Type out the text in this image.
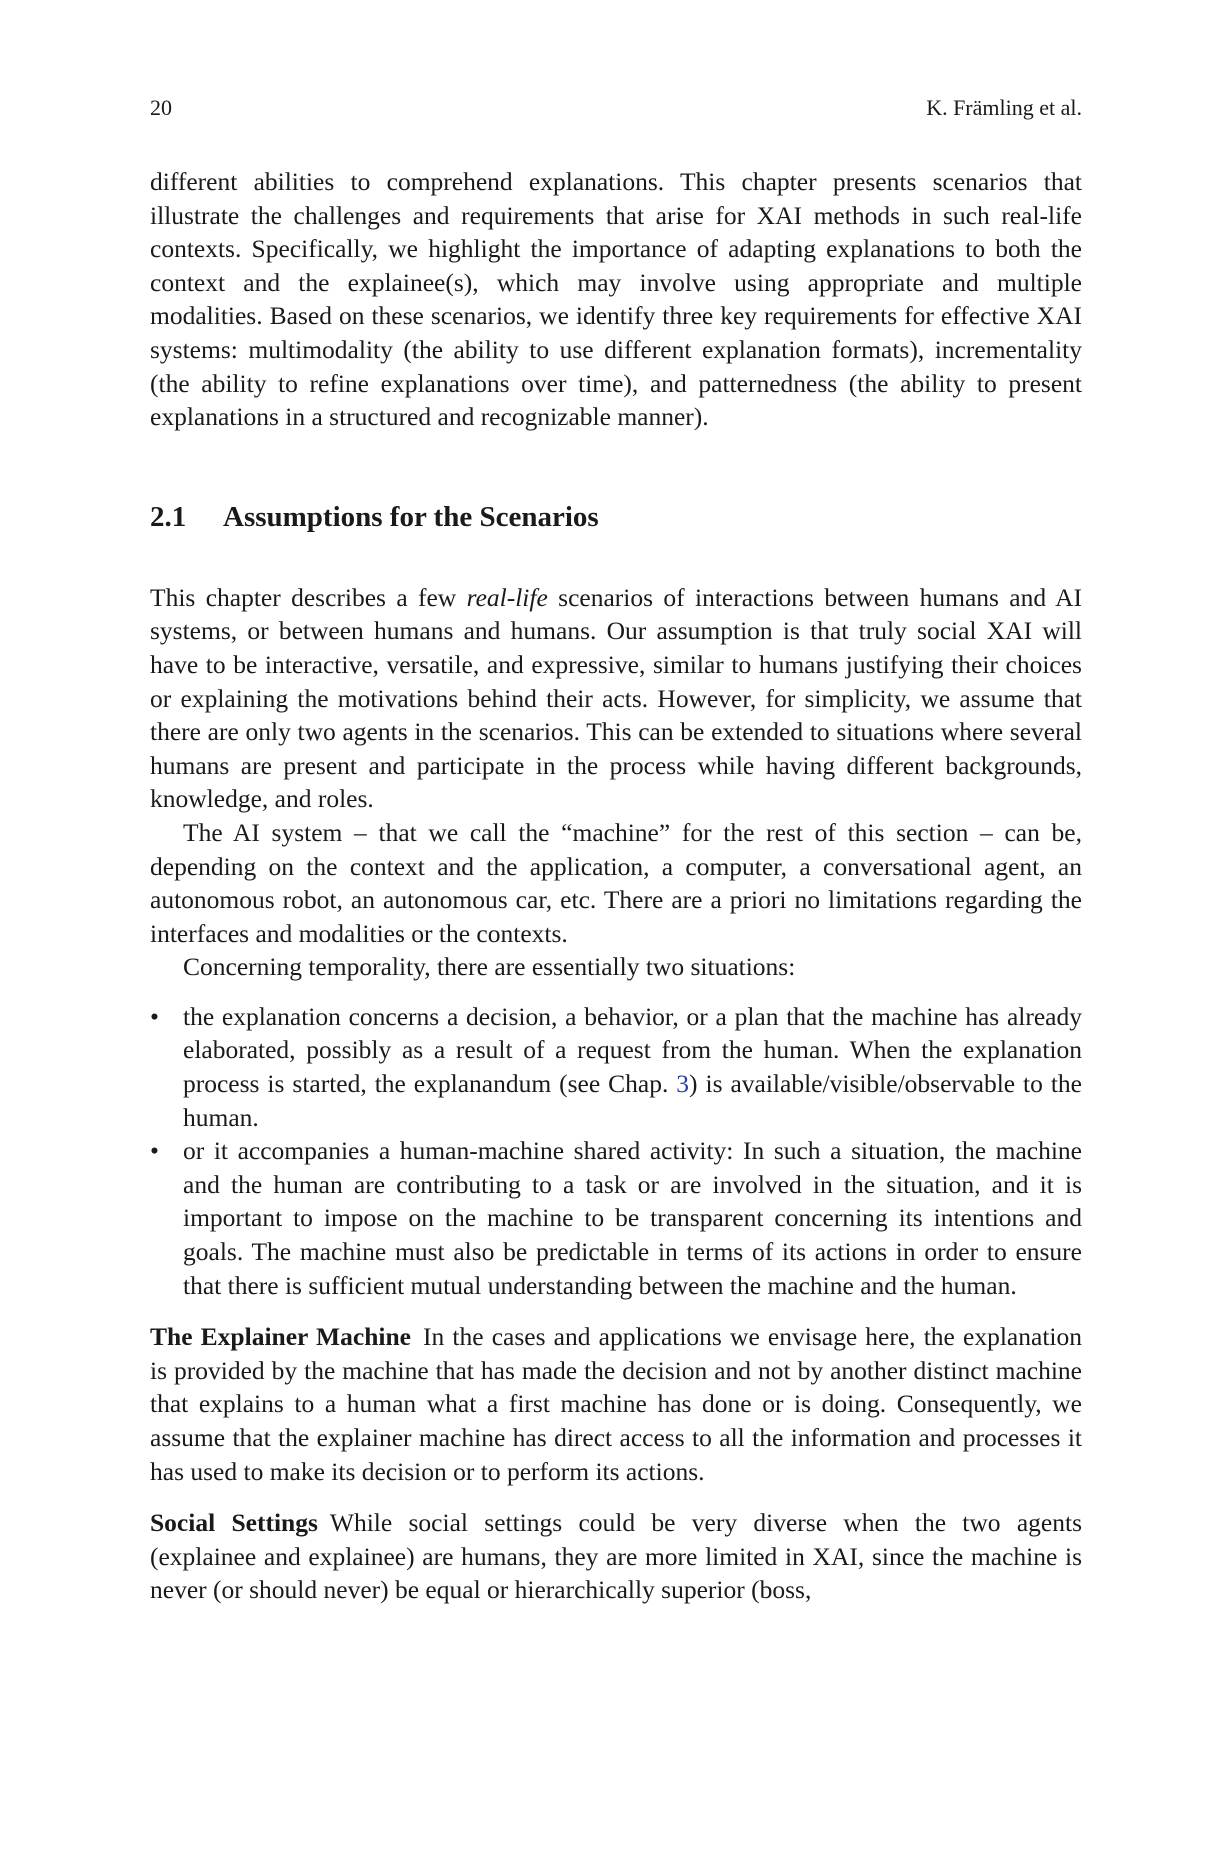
20	K. Främling et al.

different abilities to comprehend explanations. This chapter presents scenarios that illustrate the challenges and requirements that arise for XAI methods in such real-life contexts. Specifically, we highlight the importance of adapting explanations to both the context and the explainee(s), which may involve using appropriate and multiple modalities. Based on these scenarios, we identify three key requirements for effective XAI systems: multimodality (the ability to use different explanation formats), incrementality (the ability to refine explanations over time), and patternedness (the ability to present explanations in a structured and recognizable manner).

2.1	Assumptions for the Scenarios

This chapter describes a few real-life scenarios of interactions between humans and AI systems, or between humans and humans. Our assumption is that truly social XAI will have to be interactive, versatile, and expressive, similar to humans justifying their choices or explaining the motivations behind their acts. However, for simplicity, we assume that there are only two agents in the scenarios. This can be extended to situations where several humans are present and participate in the process while having different backgrounds, knowledge, and roles.

The AI system – that we call the “machine” for the rest of this section – can be, depending on the context and the application, a computer, a conversational agent, an autonomous robot, an autonomous car, etc. There are a priori no limitations regarding the interfaces and modalities or the contexts.

Concerning temporality, there are essentially two situations:

• the explanation concerns a decision, a behavior, or a plan that the machine has already elaborated, possibly as a result of a request from the human. When the explanation process is started, the explanandum (see Chap. 3) is available/visible/observable to the human.
• or it accompanies a human-machine shared activity: In such a situation, the machine and the human are contributing to a task or are involved in the situation, and it is important to impose on the machine to be transparent concerning its intentions and goals. The machine must also be predictable in terms of its actions in order to ensure that there is sufficient mutual understanding between the machine and the human.

The Explainer Machine In the cases and applications we envisage here, the explanation is provided by the machine that has made the decision and not by another distinct machine that explains to a human what a first machine has done or is doing. Consequently, we assume that the explainer machine has direct access to all the information and processes it has used to make its decision or to perform its actions.

Social Settings While social settings could be very diverse when the two agents (explainee and explainee) are humans, they are more limited in XAI, since the machine is never (or should never) be equal or hierarchically superior (boss,
